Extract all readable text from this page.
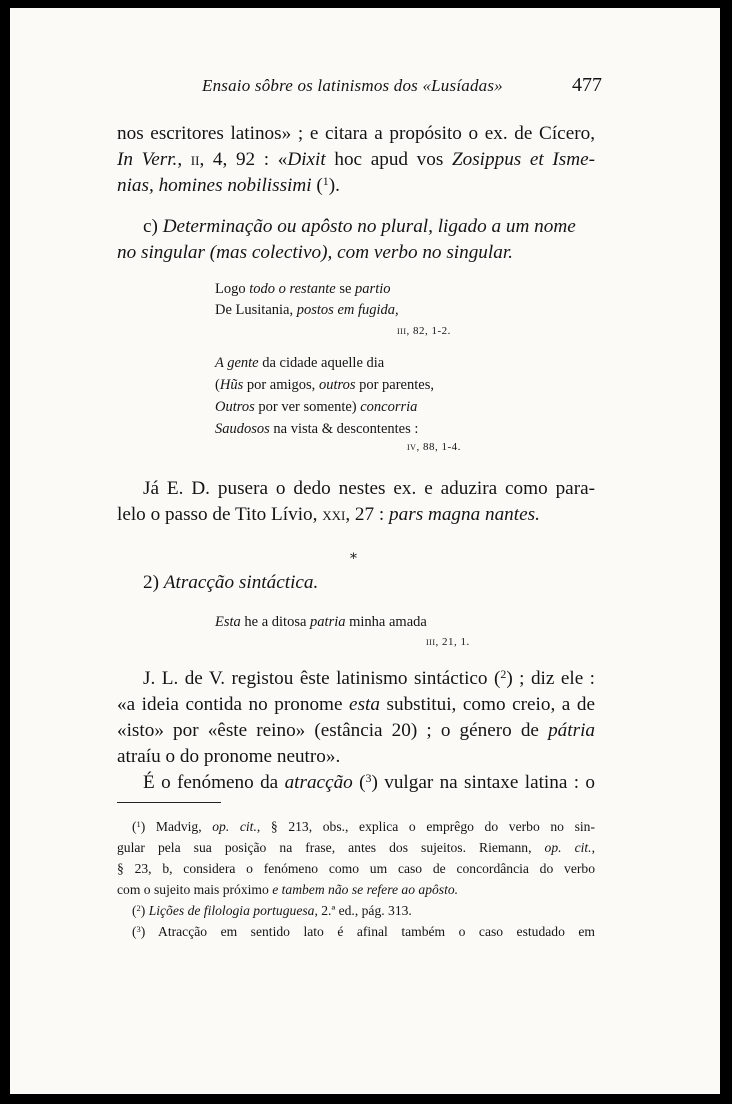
Ensaio sôbre os latinismos dos «Lusíadas»	477
nos escritores latinos» ; e citara a propósito o ex. de Cícero,
In Verr., ii, 4, 92 : «Dixit hoc apud vos Zosippus et Isme-
nias, homines nobilissimi ($^1$).
c) Determinação ou apôsto no plural, ligado a um nome
no singular (mas colectivo), com verbo no singular.
Logo todo o restante se partio
De Lusitania, postos em fugida,
iii, 82, 1-2.
A gente da cidade aquelle dia
(Hũs por amigos, outros por parentes,
Outros por ver somente) concorria
Saudosos na vista & descontentes :
iv, 88, 1-4.
Já E. D. pusera o dedo nestes ex. e aduzira como para-
lelo o passo de Tito Lívio, xxi, 27 : pars magna nantes.
*
2) Atracção sintáctica.
Esta he a ditosa patria minha amada
iii, 21, 1.
J. L. de V. registou êste latinismo sintáctico ($^2$) ; diz ele :
«a ideia contida no pronome esta substitui, como creio, a de
«isto» por «êste reino» (estância 20) ; o género de pátria
atraíu o do pronome neutro».
É o fenómeno da atracção ($^3$) vulgar na sintaxe latina : o
($^1$) Madvig, op. cit., § 213, obs., explica o emprêgo do verbo no sin-
gular pela sua posição na frase, antes dos sujeitos. Riemann, op. cit.,
§ 23, b, considera o fenómeno como um caso de concordância do verbo
com o sujeito mais próximo e tambem não se refere ao apôsto.
($^2$) Lições de filologia portuguesa, 2.ª ed., pág. 313.
($^3$) Atracção em sentido lato é afinal também o caso estudado em
